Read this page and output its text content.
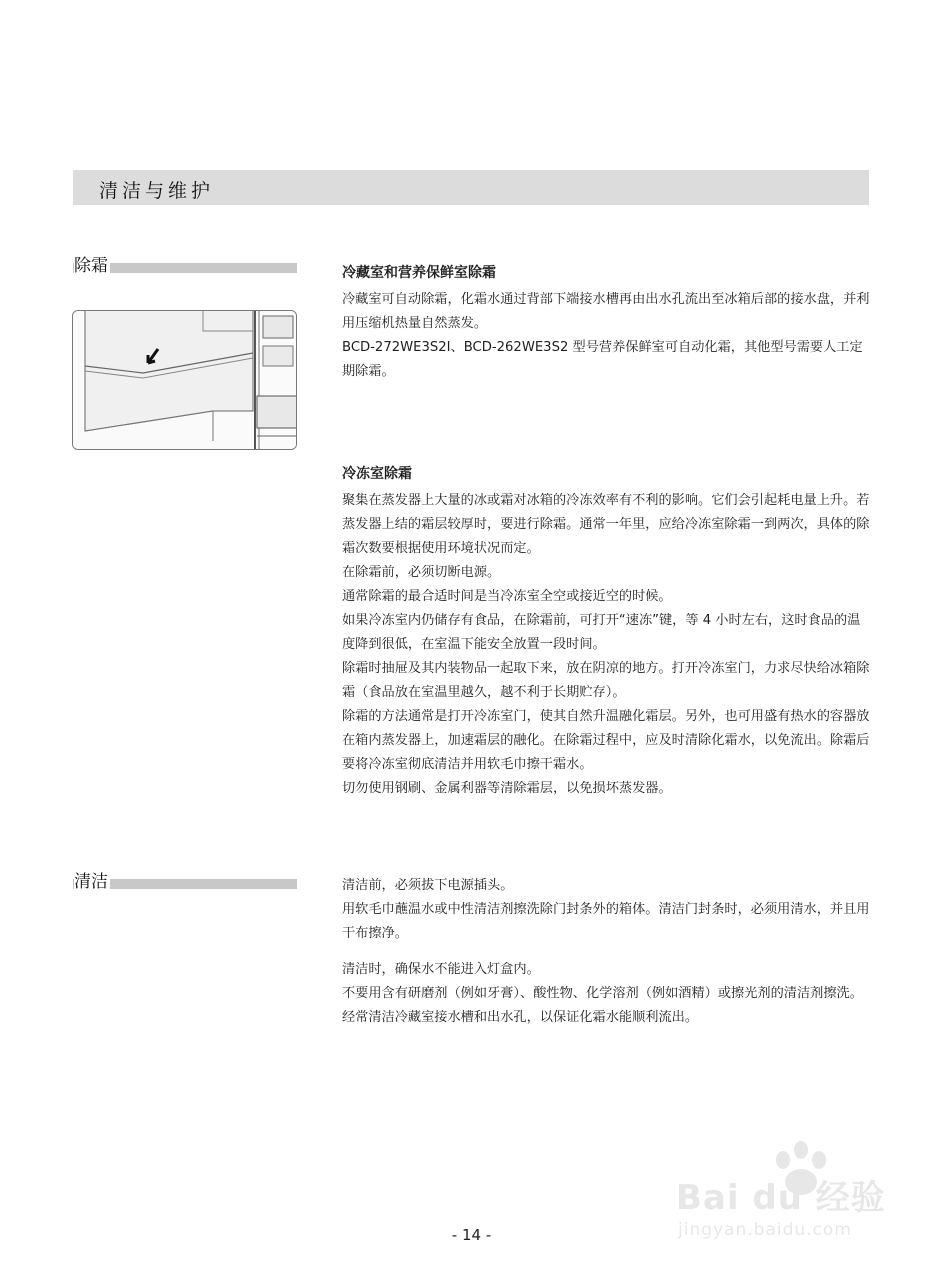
清洁与维护
除霜	冷藏室和营养保鲜室除霜

冷藏室可自动除霜，化霜水通过背部下端接水槽再由出水孔流出至冰箱后部的接水盘，并利用压缩机热量自然蒸发。

BCD-272WE3S2I、BCD-262WE3S2 型号营养保鲜室可自动化霜，其他型号需要人工定期除霜。

冷冻室除霜

聚集在蒸发器上大量的冰或霜对冰箱的冷冻效率有不利的影响。它们会引起耗电量上升。若蒸发器上结的霜层较厚时，要进行除霜。通常一年里，应给冷冻室除霜一到两次，具体的除霜次数要根据使用环境状况而定。

在除霜前，必须切断电源。

通常除霜的最合适时间是当冷冻室全空或接近空的时候。

如果冷冻室内仍储存有食品，在除霜前，可打开“速冻”键，等 4 小时左右，这时食品的温度降到很低，在室温下能安全放置一段时间。

除霜时抽屉及其内装物品一起取下来，放在阴凉的地方。打开冷冻室门，力求尽快给冰箱除霜（食品放在室温里越久，越不利于长期贮存）。

除霜的方法通常是打开冷冻室门，使其自然升温融化霜层。另外，也可用盛有热水的容器放在箱内蒸发器上，加速霜层的融化。在除霜过程中，应及时清除化霜水，以免流出。除霜后要将冷冻室彻底清洁并用软毛巾擦干霜水。

切勿使用钢刷、金属利器等清除霜层，以免损坏蒸发器。

清洁	清洁前，必须拔下电源插头。

用软毛巾蘸温水或中性清洁剂擦洗除门封条外的箱体。清洁门封条时，必须用清水，并且用干布擦净。

清洁时，确保水不能进入灯盒内。

不要用含有研磨剂（例如牙膏）、酸性物、化学溶剂（例如酒精）或擦光剂的清洁剂擦洗。

经常清洁冷藏室接水槽和出水孔，以保证化霜水能顺利流出。

Bai du 经验
jingyan.baidu.com
- 14 -
